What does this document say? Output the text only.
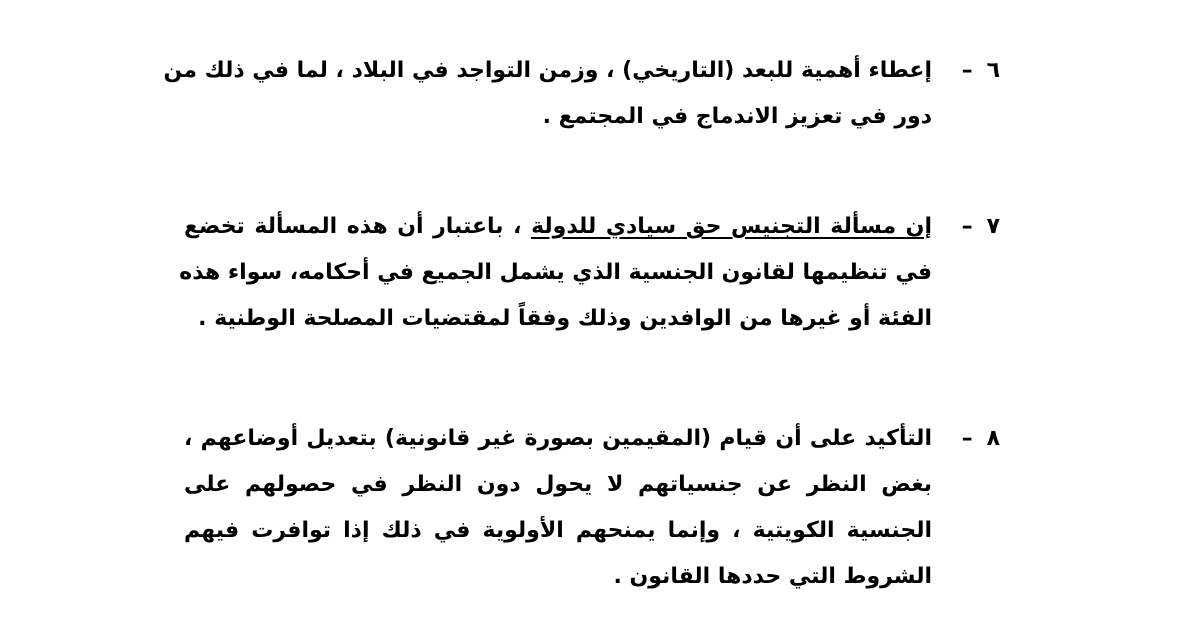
٦–
إعطاء أهمية للبعد (التاريخي) ، وزمن التواجد في البلاد ، لما في ذلك من
دور في تعزيز الاندماج في المجتمع .
٧–
إن مسألة التجنيس حق سيادي للدولة ، باعتبار أن هذه المسألة تخضع
في تنظيمها لقانون الجنسية الذي يشمل الجميع في أحكامه، سواء هذه
الفئة أو غيرها من الوافدين وذلك وفقاً لمقتضيات المصلحة الوطنية .
٨–
التأكيد على أن قيام (المقيمين بصورة غير قانونية) بتعديل أوضاعهم ،
بغض النظر عن جنسياتهم لا يحول دون النظر في حصولهم على
الجنسية الكويتية ، وإنما يمنحهم الأولوية في ذلك إذا توافرت فيهم
الشروط التي حددها القانون .
